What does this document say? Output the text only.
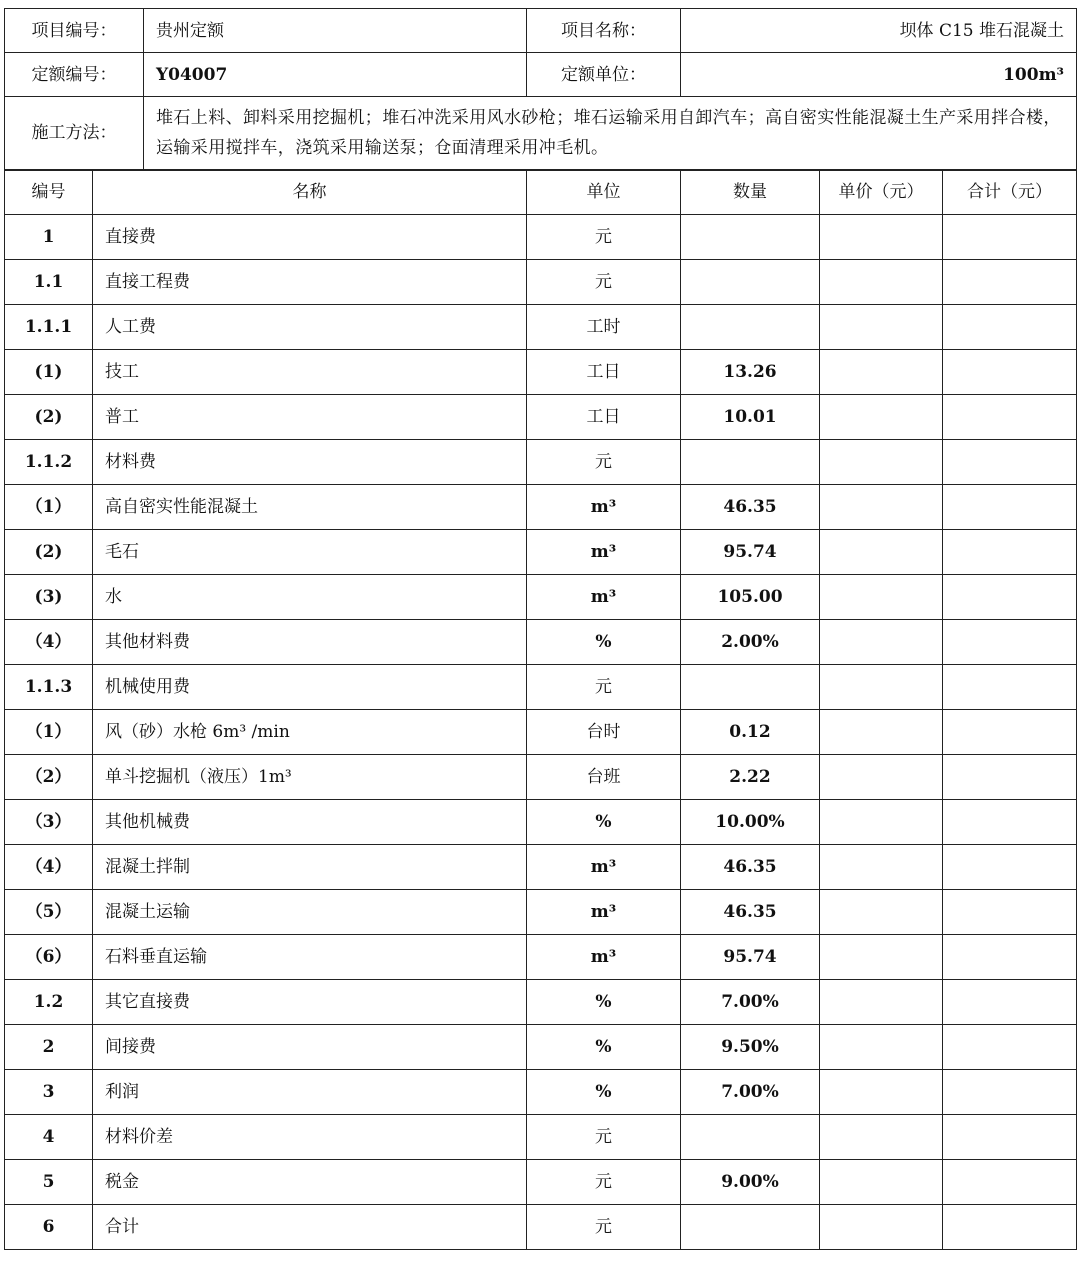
项目编号：	贵州定额	项目名称：	坝体 C15 堆石混凝土
定额编号：	Y04007	定额单位：	100m³
施工方法：	堆石上料、卸料采用挖掘机；堆石冲洗采用风水砂枪；堆石运输采用自卸汽车；高自密实性能混凝土生产采用拌合楼，运输采用搅拌车，浇筑采用输送泵；仓面清理采用冲毛机。
编号	名称	单位	数量	单价（元）	合计（元）
1	直接费	元			
1.1	直接工程费	元			
1.1.1	人工费	工时			
(1)	技工	工日	13.26		
(2)	普工	工日	10.01		
1.1.2	材料费	元			
（1）	高自密实性能混凝土	m³	46.35		
(2)	毛石	m³	95.74		
(3)	水	m³	105.00		
（4）	其他材料费	%	2.00%		
1.1.3	机械使用费	元			
（1）	风（砂）水枪 6m³ /min	台时	0.12		
（2）	单斗挖掘机（液压）1m³	台班	2.22		
（3）	其他机械费	%	10.00%		
（4）	混凝土拌制	m³	46.35		
（5）	混凝土运输	m³	46.35		
（6）	石料垂直运输	m³	95.74		
1.2	其它直接费	%	7.00%		
2	间接费	%	9.50%		
3	利润	%	7.00%		
4	材料价差	元			
5	税金	元	9.00%		
6	合计	元			
